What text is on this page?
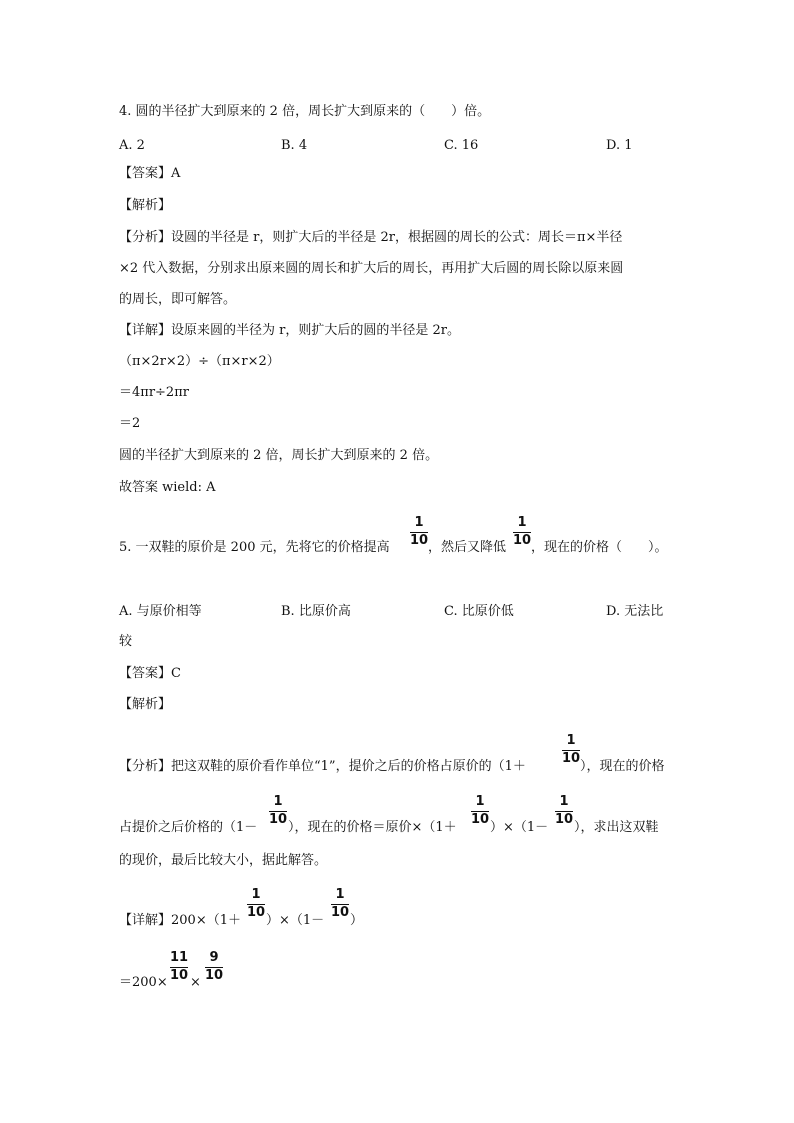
4. 圆的半径扩大到原来的 2 倍，周长扩大到原来的（　　）倍。
A. 2	B. 4	C. 16	D. 1
【答案】A
【解析】
【分析】设圆的半径是 r，则扩大后的半径是 2r，根据圆的周长的公式：周长＝π×半径
×2 代入数据，分别求出原来圆的周长和扩大后的周长，再用扩大后圆的周长除以原来圆
的周长，即可解答。
【详解】设原来圆的半径为 r，则扩大后的圆的半径是 2r。
（π×2r×2）÷（π×r×2）
＝4πr÷2πr
＝2
圆的半径扩大到原来的 2 倍，周长扩大到原来的 2 倍。
故答案 wield: A
5. 一双鞋的原价是 200 元，先将它的价格提高
1
10 ，然后又降低
1
10 ，现在的价格（　　）。
A. 与原价相等	B. 比原价高	C. 比原价低	D. 无法比
较
【答案】C
【解析】
【分析】把这双鞋的原价看作单位“1”，提价之后的价格占原价的（1＋
1
10
），现在的价格
占提价之后价格的（1－
1
10
），现在的价格＝原价×（1＋
1
10
）×（1－
1
10
），求出这双鞋
的现价，最后比较大小，据此解答。
【详解】200×（1＋
1
10
）×（1－
1
10
）
＝200×
11
10 ×
9
10
